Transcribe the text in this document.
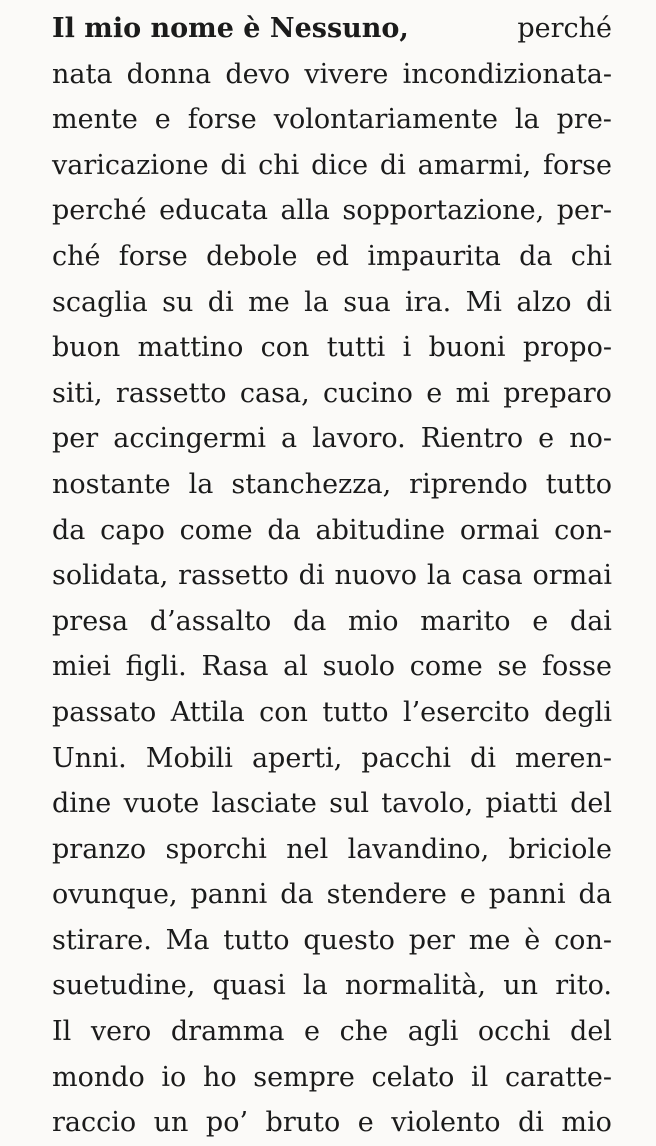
Il mio nome è Nessuno,	perché
nata donna devo vivere incondizionata-
mente e forse volontariamente la pre-
varicazione di chi dice di amarmi, forse
perché educata alla sopportazione, per-
ché forse debole ed impaurita da chi
scaglia su di me la sua ira. Mi alzo di
buon mattino con tutti i buoni propo-
siti, rassetto casa, cucino e mi preparo
per accingermi a lavoro. Rientro e no-
nostante la stanchezza, riprendo tutto
da capo come da abitudine ormai con-
solidata, rassetto di nuovo la casa ormai
presa d’assalto da mio marito e dai
miei figli. Rasa al suolo come se fosse
passato Attila con tutto l’esercito degli
Unni. Mobili aperti, pacchi di meren-
dine vuote lasciate sul tavolo, piatti del
pranzo sporchi nel lavandino, briciole
ovunque, panni da stendere e panni da
stirare. Ma tutto questo per me è con-
suetudine, quasi la normalità, un rito.
Il vero dramma e che agli occhi del
mondo io ho sempre celato il caratte-
raccio un po’ bruto e violento di mio
